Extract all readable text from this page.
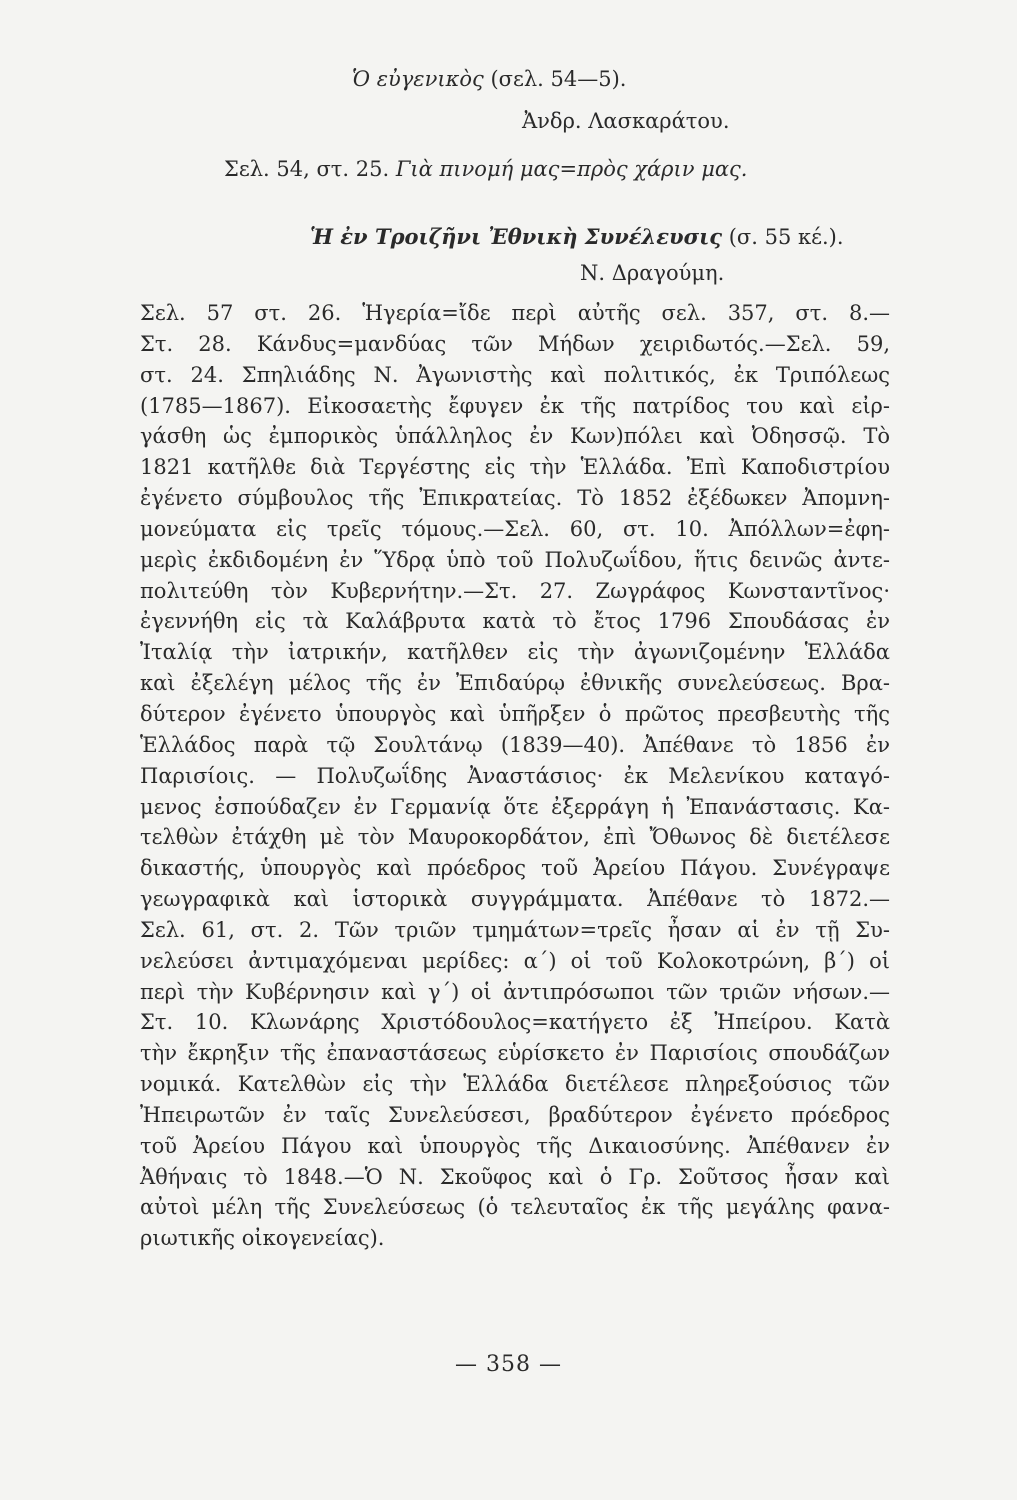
Ὁ εὐγενικὸς (σελ. 54—5).
Ἀνδρ. Λασκαράτου.
Σελ. 54, στ. 25. Γιὰ πινομή μας=πρὸς χάριν μας.
Ἡ ἐν Τροιζῆνι Ἐθνικὴ Συνέλευσις (σ. 55 κέ.).
Ν. Δραγούμη.
Σελ. 57 στ. 26. Ἡγερία=ἴδε περὶ αὐτῆς σελ. 357, στ. 8.—
Στ. 28. Κάνδυς=μανδύας τῶν Μήδων χειριδωτός.—Σελ. 59,
στ. 24. Σπηλιάδης Ν. Ἀγωνιστὴς καὶ πολιτικός, ἐκ Τριπόλεως
(1785—1867). Εἰκοσαετὴς ἔφυγεν ἐκ τῆς πατρίδος του καὶ εἰρ-
γάσθη ὡς ἐμπορικὸς ὑπάλληλος ἐν Κων)πόλει καὶ Ὀδησσῷ. Τὸ
1821 κατῆλθε διὰ Τεργέστης εἰς τὴν Ἑλλάδα. Ἐπὶ Καποδιστρίου
ἐγένετο σύμβουλος τῆς Ἐπικρατείας. Τὸ 1852 ἐξέδωκεν Ἀπομνη-
μονεύματα εἰς τρεῖς τόμους.—Σελ. 60, στ. 10. Ἀπόλλων=ἐφη-
μερὶς ἐκδιδομένη ἐν Ὕδρᾳ ὑπὸ τοῦ Πολυζωΐδου, ἥτις δεινῶς ἀντε-
πολιτεύθη τὸν Κυβερνήτην.—Στ. 27. Ζωγράφος Κωνσταντῖνος·
ἐγεννήθη εἰς τὰ Καλάβρυτα κατὰ τὸ ἔτος 1796 Σπουδάσας ἐν
Ἰταλίᾳ τὴν ἰατρικήν, κατῆλθεν εἰς τὴν ἀγωνιζομένην Ἑλλάδα
καὶ ἐξελέγη μέλος τῆς ἐν Ἐπιδαύρῳ ἐθνικῆς συνελεύσεως. Βρα-
δύτερον ἐγένετο ὑπουργὸς καὶ ὑπῆρξεν ὁ πρῶτος πρεσβευτὴς τῆς
Ἑλλάδος παρὰ τῷ Σουλτάνῳ (1839—40). Ἀπέθανε τὸ 1856 ἐν
Παρισίοις. — Πολυζωΐδης Ἀναστάσιος· ἐκ Μελενίκου καταγό-
μενος ἐσπούδαζεν ἐν Γερμανίᾳ ὅτε ἐξερράγη ἡ Ἐπανάστασις. Κα-
τελθὼν ἐτάχθη μὲ τὸν Μαυροκορδάτον, ἐπὶ Ὄθωνος δὲ διετέλεσε
δικαστής, ὑπουργὸς καὶ πρόεδρος τοῦ Ἀρείου Πάγου. Συνέγραψε
γεωγραφικὰ καὶ ἱστορικὰ συγγράμματα. Ἀπέθανε τὸ 1872.—
Σελ. 61, στ. 2. Τῶν τριῶν τμημάτων=τρεῖς ἦσαν αἱ ἐν τῇ Συ-
νελεύσει ἀντιμαχόμεναι μερίδες: α΄) οἱ τοῦ Κολοκοτρώνη, β΄) οἱ
περὶ τὴν Κυβέρνησιν καὶ γ΄) οἱ ἀντιπρόσωποι τῶν τριῶν νήσων.—
Στ. 10. Κλωνάρης Χριστόδουλος=κατήγετο ἐξ Ἠπείρου. Κατὰ
τὴν ἔκρηξιν τῆς ἐπαναστάσεως εὑρίσκετο ἐν Παρισίοις σπουδάζων
νομικά. Κατελθὼν εἰς τὴν Ἑλλάδα διετέλεσε πληρεξούσιος τῶν
Ἠπειρωτῶν ἐν ταῖς Συνελεύσεσι, βραδύτερον ἐγένετο πρόεδρος
τοῦ Ἀρείου Πάγου καὶ ὑπουργὸς τῆς Δικαιοσύνης. Ἀπέθανεν ἐν
Ἀθήναις τὸ 1848.—Ὁ Ν. Σκοῦφος καὶ ὁ Γρ. Σοῦτσος ἦσαν καὶ
αὐτοὶ μέλη τῆς Συνελεύσεως (ὁ τελευταῖος ἐκ τῆς μεγάλης φανα-
ριωτικῆς οἰκογενείας).
— 358 —
